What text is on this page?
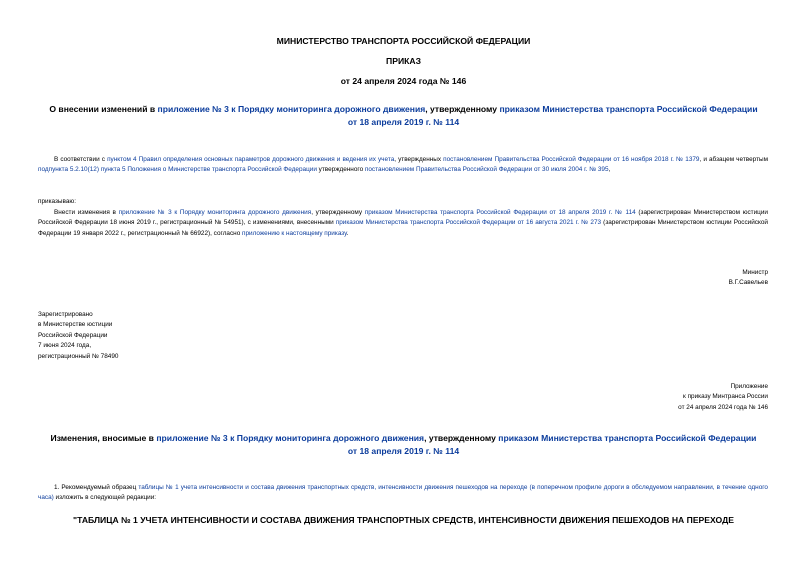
МИНИСТЕРСТВО ТРАНСПОРТА РОССИЙСКОЙ ФЕДЕРАЦИИ
ПРИКАЗ
от 24 апреля 2024 года № 146
О внесении изменений в приложение № 3 к Порядку мониторинга дорожного движения, утвержденному приказом Министерства транспорта Российской Федерации
от 18 апреля 2019 г. № 114
В соответствии с пунктом 4 Правил определения основных параметров дорожного движения и ведения их учета, утвержденных постановлением Правительства Российской Федерации от 16 ноября 2018 г. № 1379, и абзацем четвертым подпункта 5.2.10(12) пункта 5 Положения о Министерстве транспорта Российской Федерации утвержденного постановлением Правительства Российской Федерации от 30 июля 2004 г. № 395,
приказываю:
Внести изменения в приложение № 3 к Порядку мониторинга дорожного движения, утвержденному приказом Министерства транспорта Российской Федерации от 18 апреля 2019 г. № 114 (зарегистрирован Министерством юстиции Российской Федерации 18 июня 2019 г., регистрационный № 54951), с изменениями, внесенными приказом Министерства транспорта Российской Федерации от 16 августа 2021 г. № 273 (зарегистрирован Министерством юстиции Российской Федерации 19 января 2022 г., регистрационный № 66922), согласно приложению к настоящему приказу.
Министр
В.Г.Савельев
Зарегистрировано
в Министерстве юстиции
Российской Федерации
7 июня 2024 года,
регистрационный № 78490
Приложение
к приказу Минтранса России
от 24 апреля 2024 года № 146
Изменения, вносимые в приложение № 3 к Порядку мониторинга дорожного движения, утвержденному приказом Министерства транспорта Российской Федерации
от 18 апреля 2019 г. № 114
1. Рекомендуемый образец таблицы № 1 учета интенсивности и состава движения транспортных средств, интенсивности движения пешеходов на переходе (в поперечном профиле дороги в обследуемом направлении, в течение одного часа) изложить в следующей редакции:
"ТАБЛИЦА № 1 УЧЕТА ИНТЕНСИВНОСТИ И СОСТАВА ДВИЖЕНИЯ ТРАНСПОРТНЫХ СРЕДСТВ, ИНТЕНСИВНОСТИ ДВИЖЕНИЯ ПЕШЕХОДОВ НА ПЕРЕХОДЕ
